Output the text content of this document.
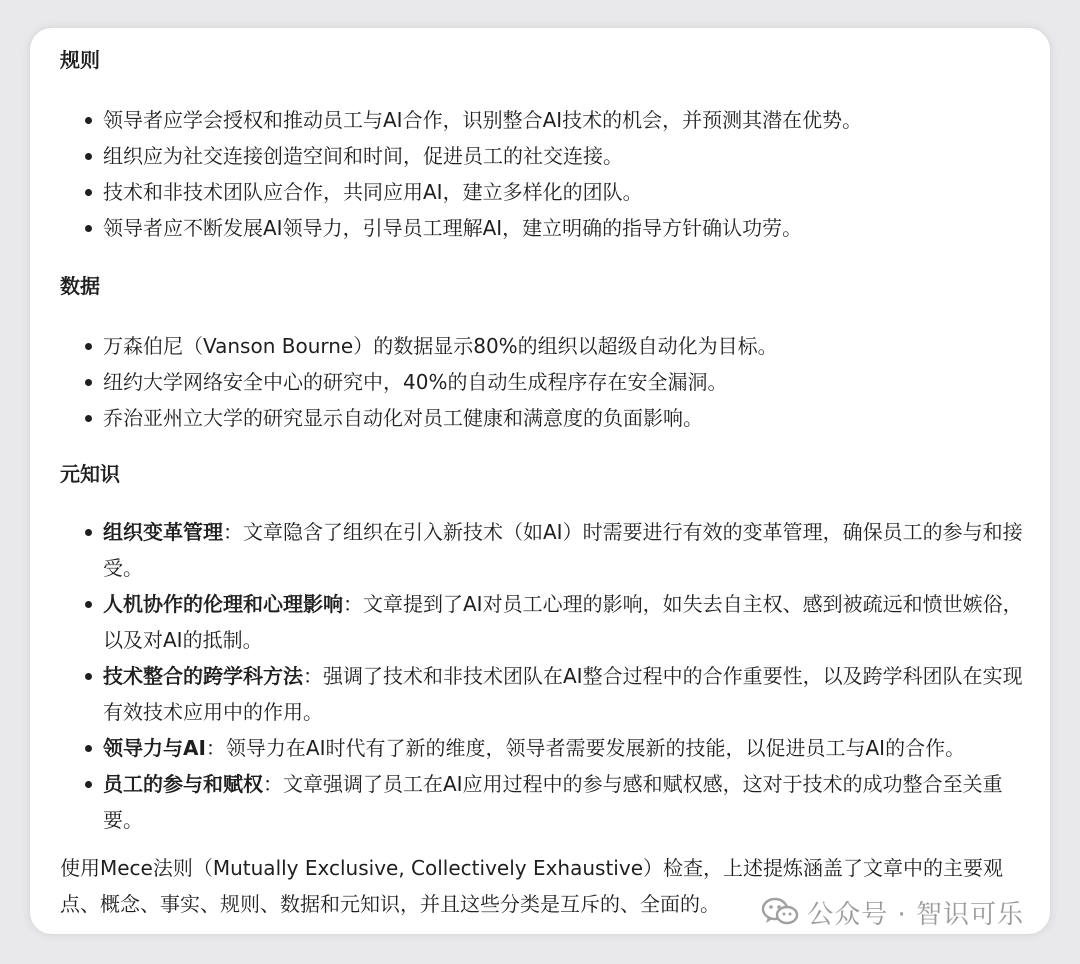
规则

领导者应学会授权和推动员工与AI合作，识别整合AI技术的机会，并预测其潜在优势。
组织应为社交连接创造空间和时间，促进员工的社交连接。
技术和非技术团队应合作，共同应用AI，建立多样化的团队。
领导者应不断发展AI领导力，引导员工理解AI，建立明确的指导方针确认功劳。

数据

万森伯尼（Vanson Bourne）的数据显示80%的组织以超级自动化为目标。
纽约大学网络安全中心的研究中，40%的自动生成程序存在安全漏洞。
乔治亚州立大学的研究显示自动化对员工健康和满意度的负面影响。

元知识

组织变革管理：文章隐含了组织在引入新技术（如AI）时需要进行有效的变革管理，确保员工的参与和接受。
人机协作的伦理和心理影响：文章提到了AI对员工心理的影响，如失去自主权、感到被疏远和愤世嫉俗，以及对AI的抵制。
技术整合的跨学科方法：强调了技术和非技术团队在AI整合过程中的合作重要性，以及跨学科团队在实现有效技术应用中的作用。
领导力与AI：领导力在AI时代有了新的维度，领导者需要发展新的技能，以促进员工与AI的合作。
员工的参与和赋权：文章强调了员工在AI应用过程中的参与感和赋权感，这对于技术的成功整合至关重要。

使用Mece法则（Mutually Exclusive, Collectively Exhaustive）检查，上述提炼涵盖了文章中的主要观点、概念、事实、规则、数据和元知识，并且这些分类是互斥的、全面的。	公众号 · 智识可乐
